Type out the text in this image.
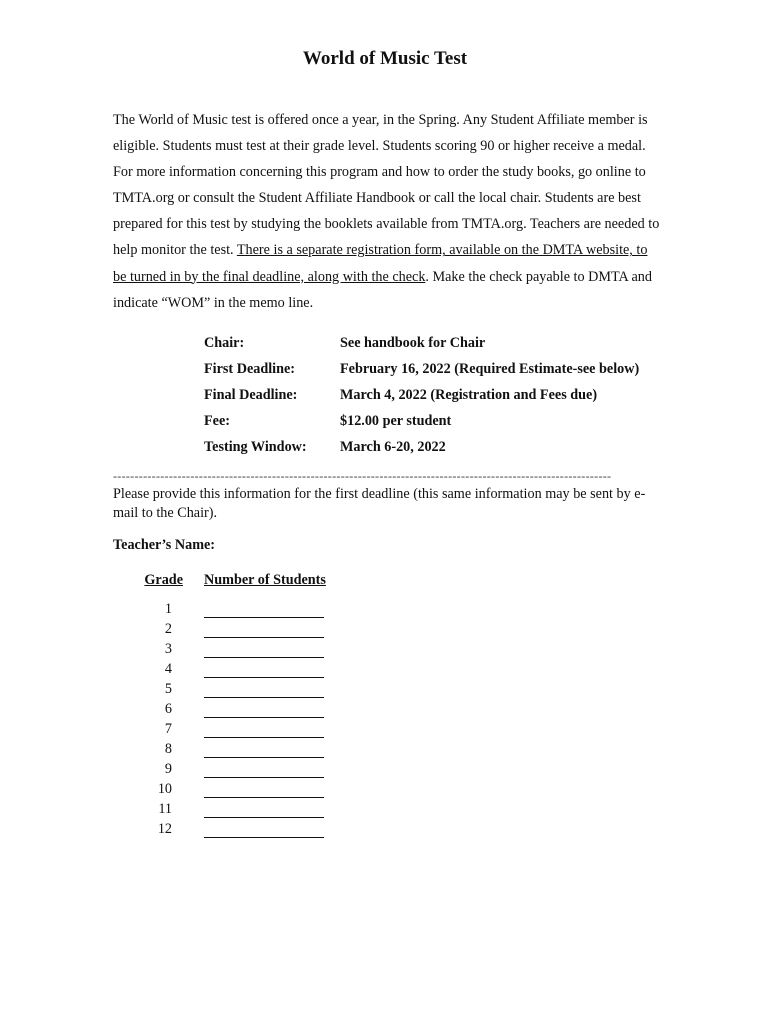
World of Music Test
The World of Music test is offered once a year, in the Spring. Any Student Affiliate member is eligible. Students must test at their grade level. Students scoring 90 or higher receive a medal. For more information concerning this program and how to order the study books, go online to TMTA.org or consult the Student Affiliate Handbook or call the local chair. Students are best prepared for this test by studying the booklets available from TMTA.org. Teachers are needed to help monitor the test. There is a separate registration form, available on the DMTA website, to be turned in by the final deadline, along with the check. Make the check payable to DMTA and indicate “WOM” in the memo line.
Chair:	See handbook for Chair
First Deadline:	February 16, 2022 (Required Estimate-see below)
Final Deadline:	March 4, 2022 (Registration and Fees due)
Fee:	$12.00 per student
Testing Window:	March 6-20, 2022
--------------------------------------------------------------------------------------------------------------------
Please provide this information for the first deadline (this same information may be sent by e-mail to the Chair).
Teacher’s Name:
Grade Number of Students
1
2
3
4
5
6
7
8
9
10
11
12
